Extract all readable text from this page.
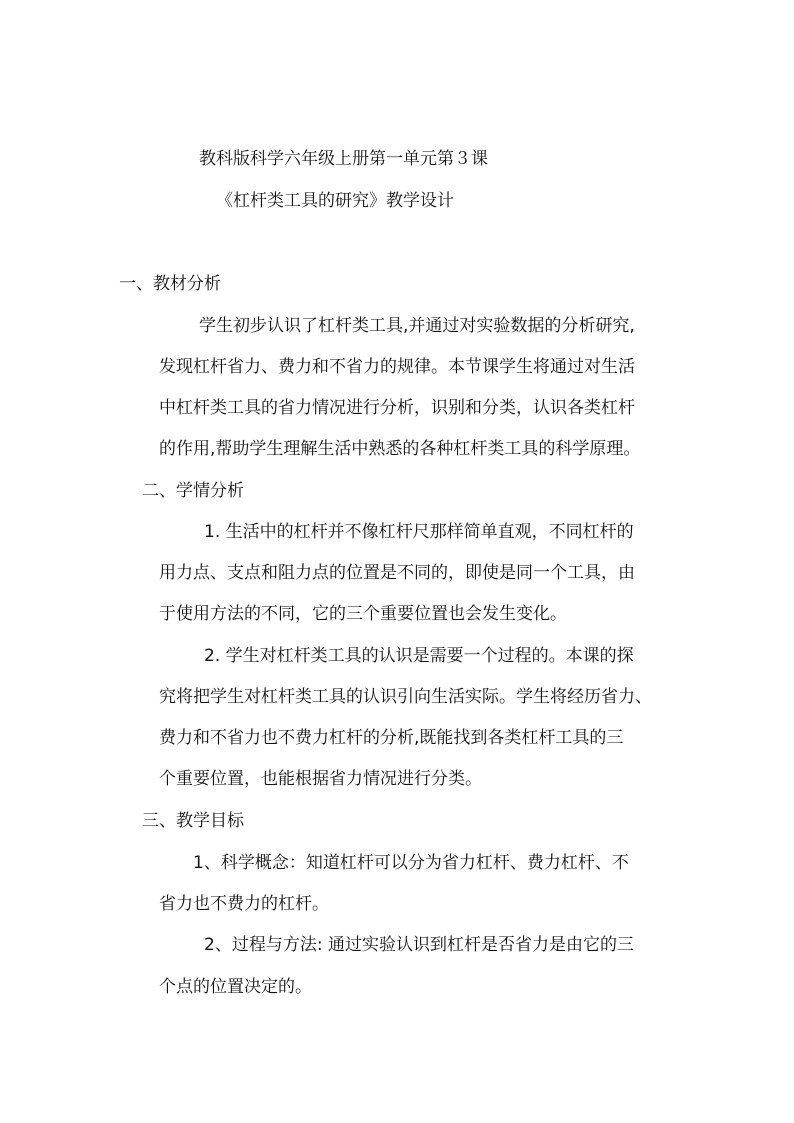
教科版科学六年级上册第一单元第３课
《杠杆类工具的研究》教学设计
一、教材分析
学生初步认识了杠杆类工具,并通过对实验数据的分析研究,
发现杠杆省力、费力和不省力的规律。本节课学生将通过对生活
中杠杆类工具的省力情况进行分析，识别和分类，认识各类杠杆
的作用,帮助学生理解生活中熟悉的各种杠杆类工具的科学原理。
二、学情分析
1. 生活中的杠杆并不像杠杆尺那样简单直观，不同杠杆的
用力点、支点和阻力点的位置是不同的，即使是同一个工具，由
于使用方法的不同，它的三个重要位置也会发生变化。
2. 学生对杠杆类工具的认识是需要一个过程的。本课的探
究将把学生对杠杆类工具的认识引向生活实际。学生将经历省力、
费力和不省力也不费力杠杆的分析,既能找到各类杠杆工具的三
个重要位置，也能根据省力情况进行分类。
三、教学目标
1、科学概念：知道杠杆可以分为省力杠杆、费力杠杆、不
省力也不费力的杠杆。
2、过程与方法: 通过实验认识到杠杆是否省力是由它的三
个点的位置决定的。
